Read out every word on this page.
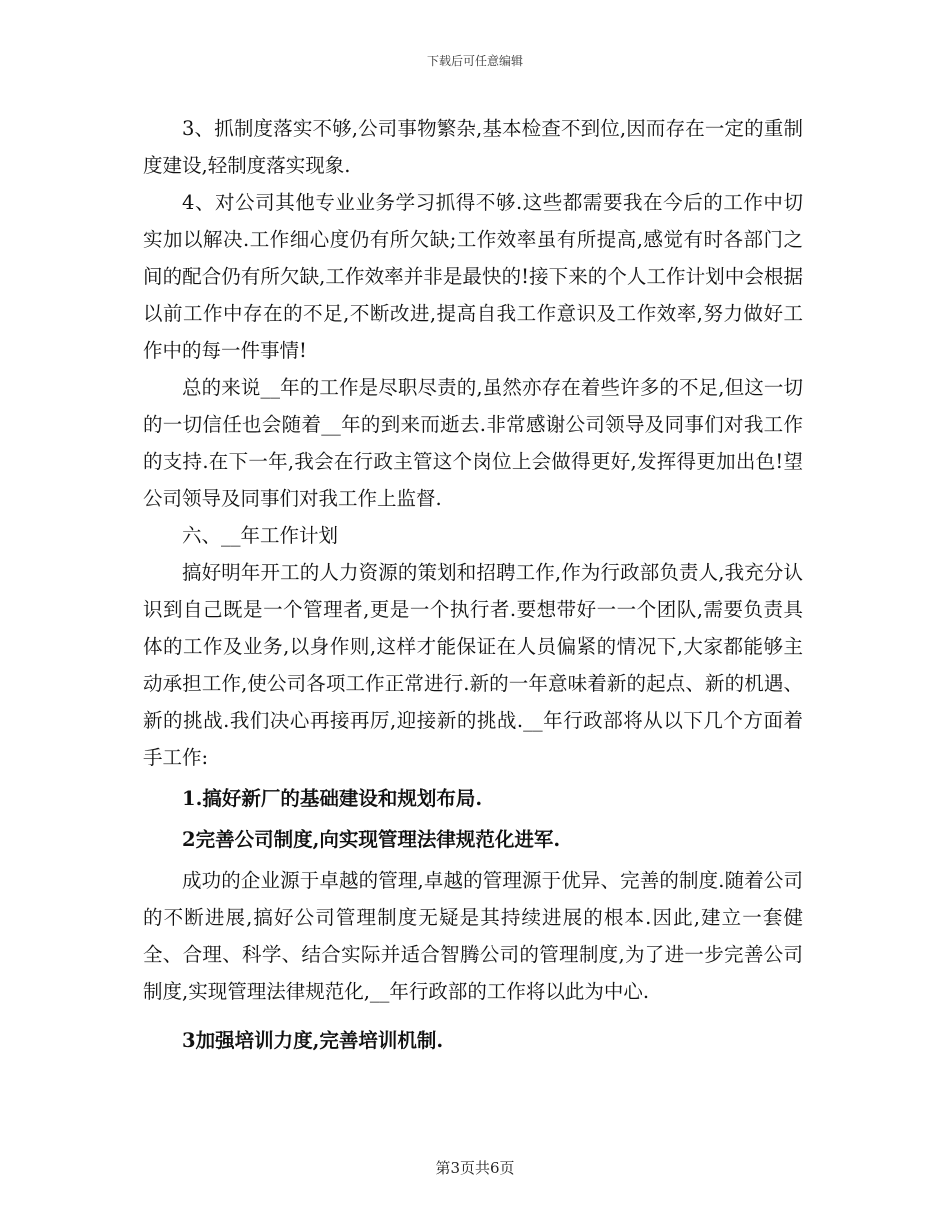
下载后可任意编辑

3、抓制度落实不够,公司事物繁杂,基本检查不到位,因而存在一定的重制度建设,轻制度落实现象.

4、对公司其他专业业务学习抓得不够.这些都需要我在今后的工作中切实加以解决.工作细心度仍有所欠缺;工作效率虽有所提高,感觉有时各部门之间的配合仍有所欠缺,工作效率并非是最快的!接下来的个人工作计划中会根据以前工作中存在的不足,不断改进,提高自我工作意识及工作效率,努力做好工作中的每一件事情!

总的来说__年的工作是尽职尽责的,虽然亦存在着些许多的不足,但这一切的一切信任也会随着__年的到来而逝去.非常感谢公司领导及同事们对我工作的支持.在下一年,我会在行政主管这个岗位上会做得更好,发挥得更加出色!望公司领导及同事们对我工作上监督.

六、__年工作计划

搞好明年开工的人力资源的策划和招聘工作,作为行政部负责人,我充分认识到自己既是一个管理者,更是一个执行者.要想带好一一个团队,需要负责具体的工作及业务,以身作则,这样才能保证在人员偏紧的情况下,大家都能够主动承担工作,使公司各项工作正常进行.新的一年意味着新的起点、新的机遇、新的挑战.我们决心再接再厉,迎接新的挑战.__年行政部将从以下几个方面着手工作:

1.搞好新厂的基础建设和规划布局.

2完善公司制度,向实现管理法律规范化进军.

成功的企业源于卓越的管理,卓越的管理源于优异、完善的制度.随着公司的不断进展,搞好公司管理制度无疑是其持续进展的根本.因此,建立一套健全、合理、科学、结合实际并适合智腾公司的管理制度,为了进一步完善公司制度,实现管理法律规范化,__年行政部的工作将以此为中心.

3加强培训力度,完善培训机制.

第3页共6页
